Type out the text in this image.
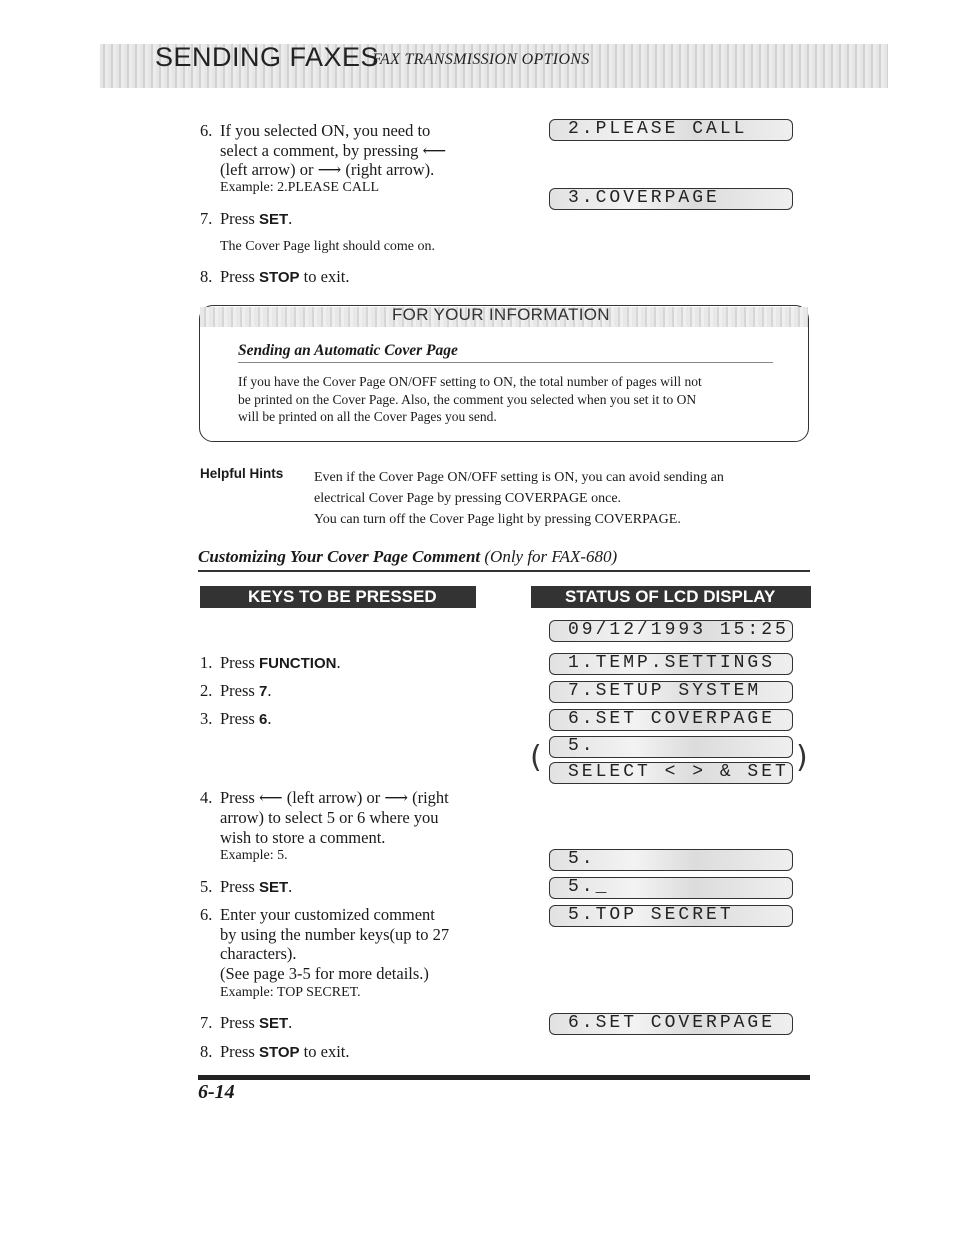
SENDING FAXES
FAX TRANSMISSION OPTIONS
6. If you selected ON, you need to
select a comment, by pressing ⟵
(left arrow) or ⟶ (right arrow).
Example: 2.PLEASE CALL
7. Press SET.
The Cover Page light should come on.
8. Press STOP to exit.
2.PLEASE CALL
3.COVERPAGE
FOR YOUR INFORMATION
Sending an Automatic Cover Page
If you have the Cover Page ON/OFF setting to ON, the total number of pages will not
be printed on the Cover Page. Also, the comment you selected when you set it to ON
will be printed on all the Cover Pages you send.
Helpful Hints Even if the Cover Page ON/OFF setting is ON, you can avoid sending an
electrical Cover Page by pressing COVERPAGE once.
You can turn off the Cover Page light by pressing COVERPAGE.
Customizing Your Cover Page Comment (Only for FAX-680)
KEYS TO BE PRESSED	STATUS OF LCD DISPLAY
1. Press FUNCTION.
2. Press 7.
3. Press 6.
4. Press ⟵ (left arrow) or ⟶ (right
arrow) to select 5 or 6 where you
wish to store a comment.
Example: 5.
5. Press SET.
6. Enter your customized comment
by using the number keys(up to 27
characters).
(See page 3-5 for more details.)
Example: TOP SECRET.
7. Press SET.
8. Press STOP to exit.
09/12/1993 15:25
1.TEMP.SETTINGS
7.SETUP SYSTEM
6.SET COVERPAGE
5.
SELECT < > & SET
(	)
5.
5._
5.TOP SECRET
6.SET COVERPAGE
6-14
